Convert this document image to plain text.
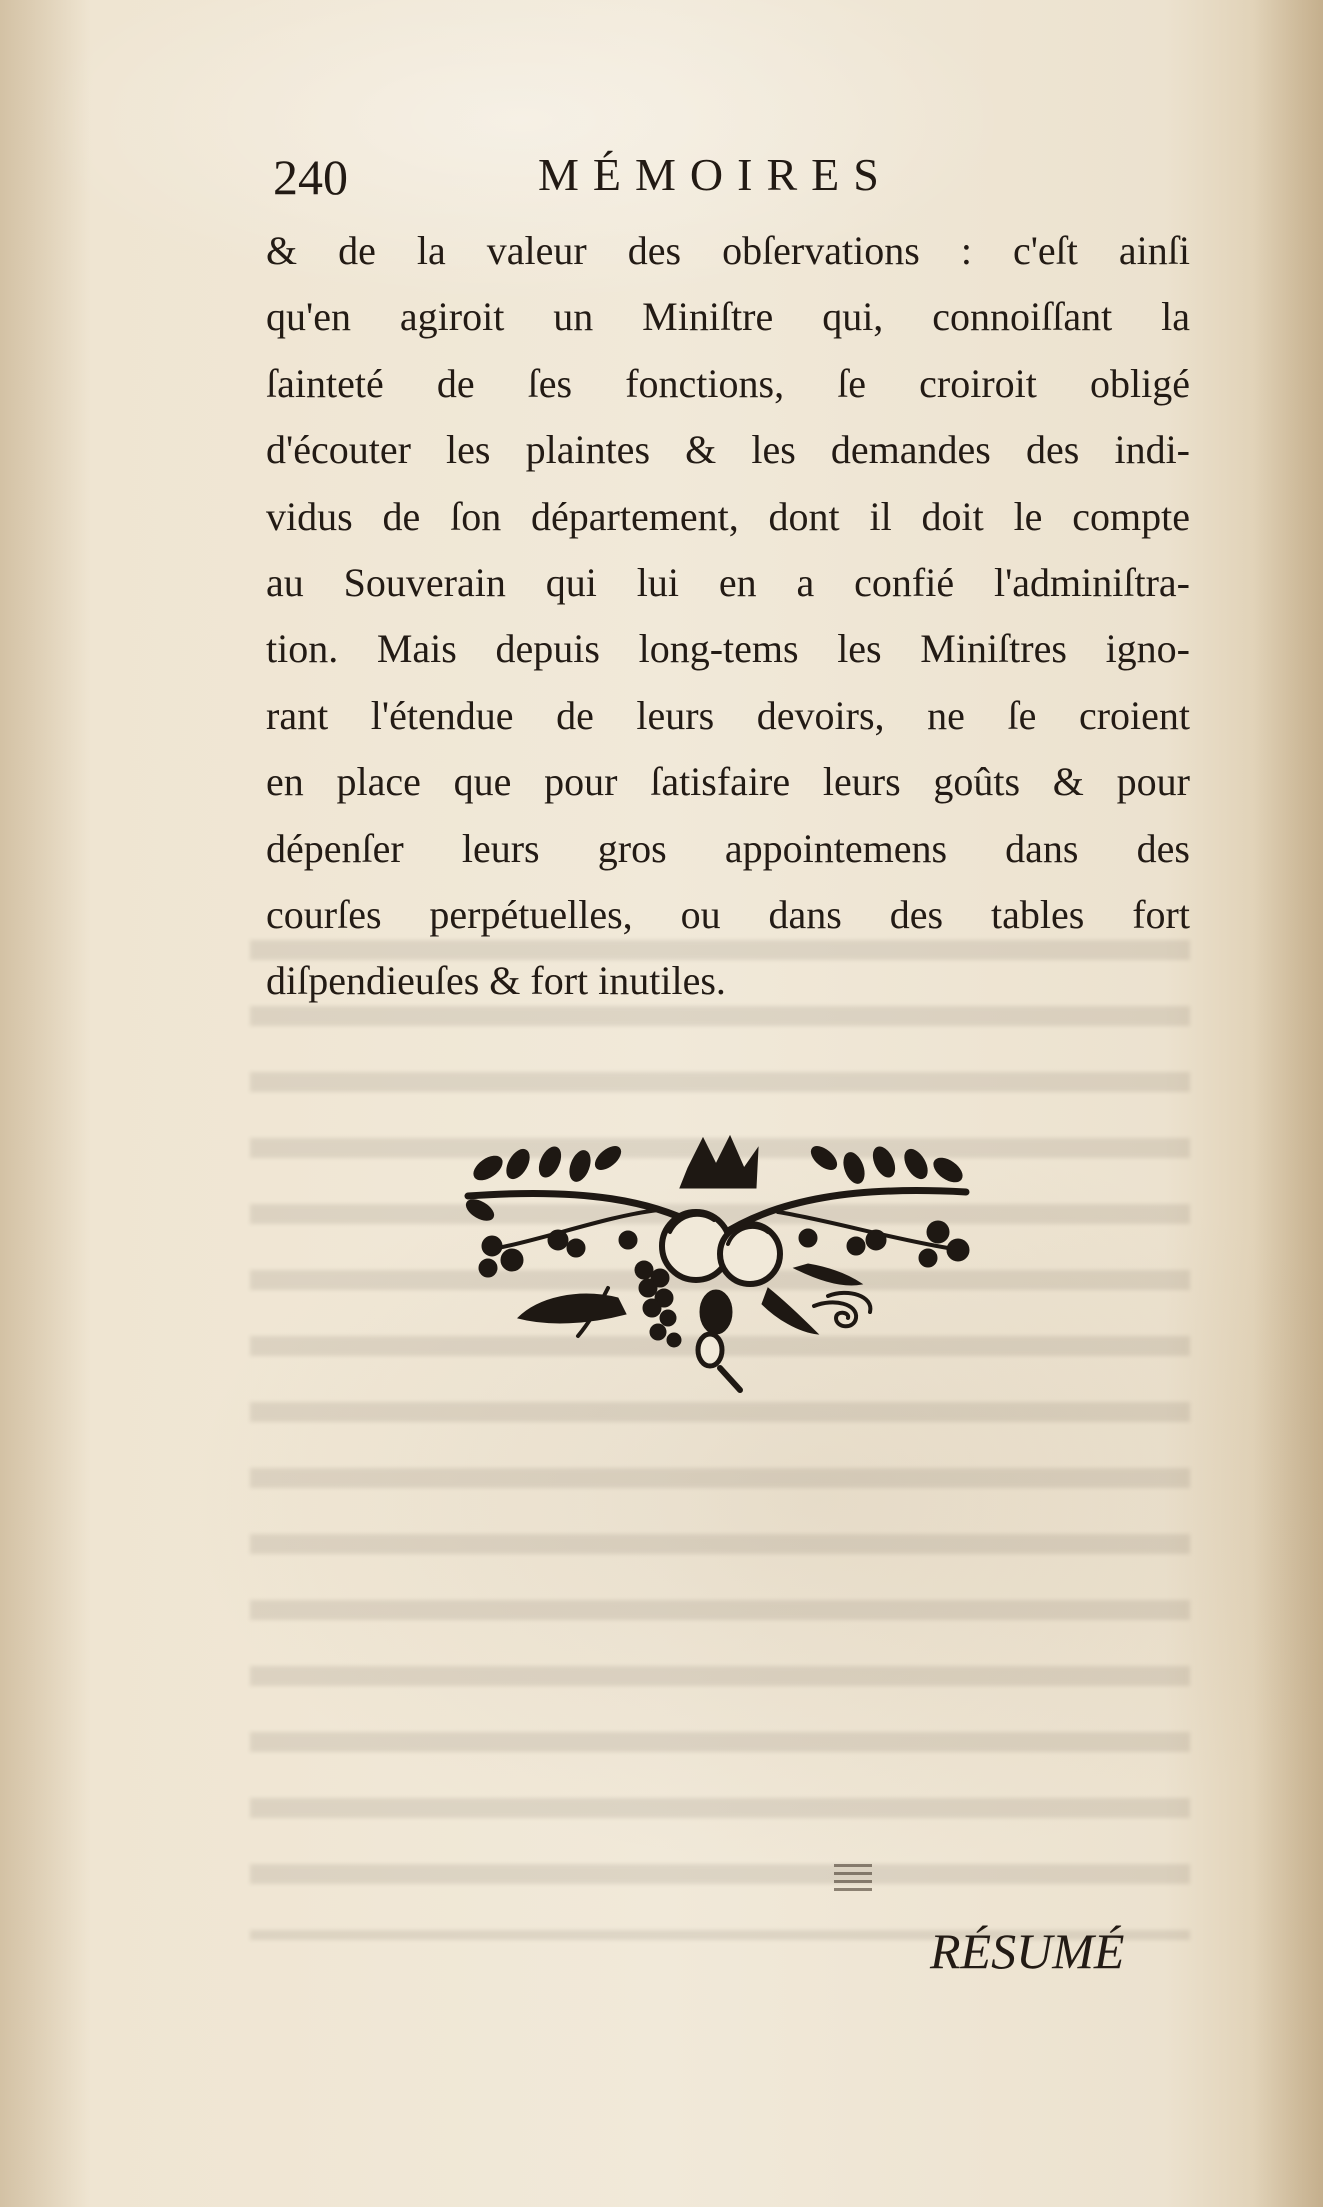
240	MÉMOIRES
& de la valeur des obſervations : c'eſt ainſi
qu'en agiroit un Miniſtre qui, connoiſſant la
ſainteté de ſes fonctions, ſe croiroit obligé
d'écouter les plaintes & les demandes des indi-
vidus de ſon département, dont il doit le compte
au Souverain qui lui en a confié l'adminiſtra-
tion. Mais depuis long-tems les Miniſtres igno-
rant l'étendue de leurs devoirs, ne ſe croient
en place que pour ſatisfaire leurs goûts & pour
dépenſer leurs gros appointemens dans des
courſes perpétuelles, ou dans des tables fort
diſpendieuſes & fort inutiles.
RÉSUMÉ
